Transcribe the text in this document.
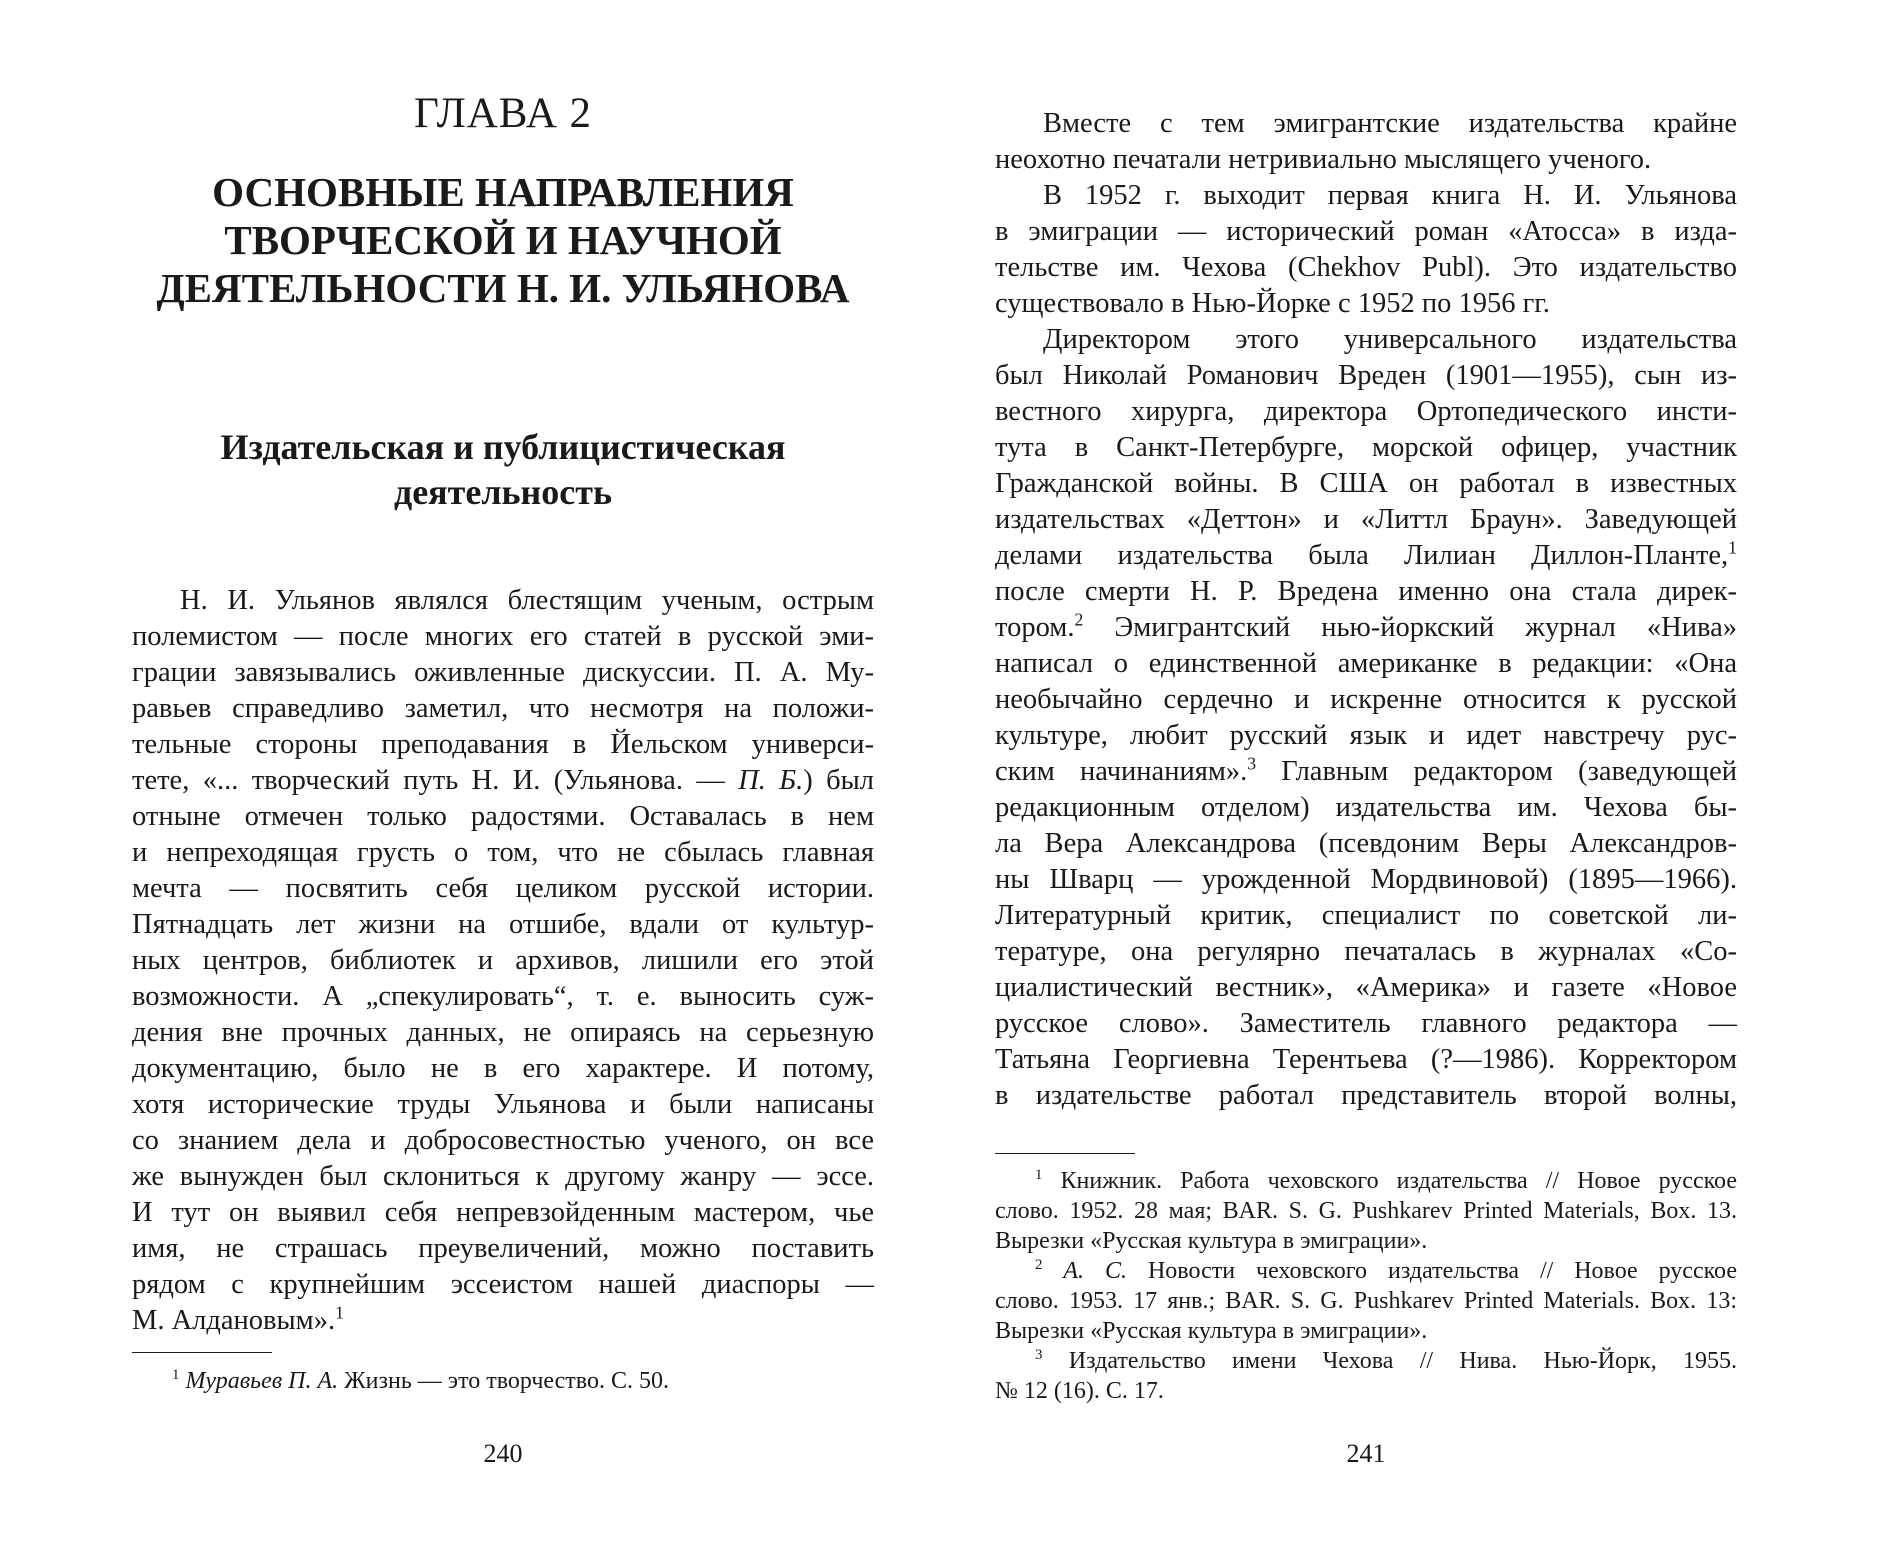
ГЛАВА 2
ОСНОВНЫЕ НАПРАВЛЕНИЯ
ТВОРЧЕСКОЙ И НАУЧНОЙ
ДЕЯТЕЛЬНОСТИ Н. И. УЛЬЯНОВА
Издательская и публицистическая
деятельность
Н. И. Ульянов являлся блестящим ученым, острым
полемистом — после многих его статей в русской эми-
грации завязывались оживленные дискуссии. П. А. Му-
равьев справедливо заметил, что несмотря на положи-
тельные стороны преподавания в Йельском универси-
тете, «... творческий путь Н. И. (Ульянова. — П. Б.) был
отныне отмечен только радостями. Оставалась в нем
и непреходящая грусть о том, что не сбылась главная
мечта — посвятить себя целиком русской истории.
Пятнадцать лет жизни на отшибе, вдали от культур-
ных центров, библиотек и архивов, лишили его этой
возможности. А „спекулировать“, т. е. выносить суж-
дения вне прочных данных, не опираясь на серьезную
документацию, было не в его характере. И потому,
хотя исторические труды Ульянова и были написаны
со знанием дела и добросовестностью ученого, он все
же вынужден был склониться к другому жанру — эссе.
И тут он выявил себя непревзойденным мастером, чье
имя, не страшась преувеличений, можно поставить
рядом с крупнейшим эссеистом нашей диаспоры —
М. Алдановым».$^1$
$^1$ Муравьев П. А. Жизнь — это творчество. С. 50.
240
Вместе с тем эмигрантские издательства крайне
неохотно печатали нетривиально мыслящего ученого.
В 1952 г. выходит первая книга Н. И. Ульянова
в эмиграции — исторический роман «Атосса» в изда-
тельстве им. Чехова (Chekhov Publ). Это издательство
существовало в Нью-Йорке с 1952 по 1956 гг.
Директором этого универсального издательства
был Николай Романович Вреден (1901—1955), сын из-
вестного хирурга, директора Ортопедического инсти-
тута в Санкт-Петербурге, морской офицер, участник
Гражданской войны. В США он работал в известных
издательствах «Деттон» и «Литтл Браун». Заведующей
делами издательства была Лилиан Диллон-Планте,$^1$
после смерти Н. Р. Вредена именно она стала дирек-
тором.$^2$ Эмигрантский нью-йоркский журнал «Нива»
написал о единственной американке в редакции: «Она
необычайно сердечно и искренне относится к русской
культуре, любит русский язык и идет навстречу рус-
ским начинаниям».$^3$ Главным редактором (заведующей
редакционным отделом) издательства им. Чехова бы-
ла Вера Александрова (псевдоним Веры Александров-
ны Шварц — урожденной Мордвиновой) (1895—1966).
Литературный критик, специалист по советской ли-
тературе, она регулярно печаталась в журналах «Со-
циалистический вестник», «Америка» и газете «Новое
русское слово». Заместитель главного редактора —
Татьяна Георгиевна Терентьева (?—1986). Корректором
в издательстве работал представитель второй волны,
$^1$ Книжник. Работа чеховского издательства // Новое русское
слово. 1952. 28 мая; BAR. S. G. Pushkarev Printed Materials, Box. 13.
Вырезки «Русская культура в эмиграции».
$^2$ А. С. Новости чеховского издательства // Новое русское
слово. 1953. 17 янв.; BAR. S. G. Pushkarev Printed Materials. Box. 13:
Вырезки «Русская культура в эмиграции».
$^3$ Издательство имени Чехова // Нива. Нью-Йорк, 1955.
№ 12 (16). С. 17.
241
